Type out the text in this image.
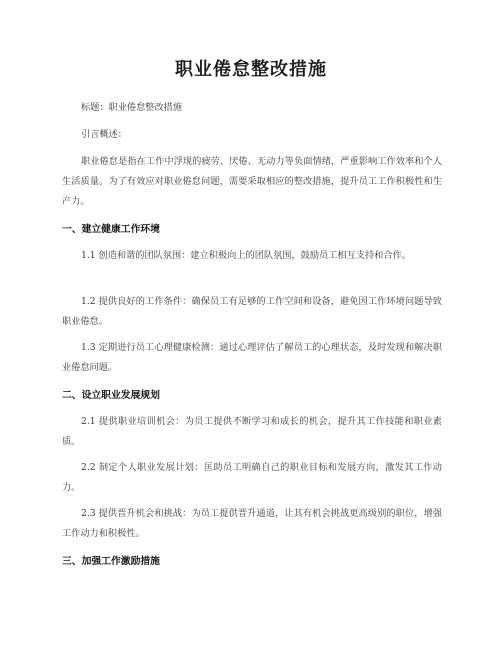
职业倦怠整改措施
标题：职业倦怠整改措施
引言概述：
职业倦怠是指在工作中浮现的疲劳、厌倦、无动力等负面情绪，严重影响工作效率和个人生活质量。为了有效应对职业倦怠问题，需要采取相应的整改措施，提升员工工作积极性和生产力。
一、建立健康工作环境
1.1 创造和谐的团队氛围：建立积极向上的团队氛围，鼓励员工相互支持和合作。
1.2 提供良好的工作条件：确保员工有足够的工作空间和设备，避免因工作环境问题导致职业倦怠。
1.3 定期进行员工心理健康检测：通过心理评估了解员工的心理状态，及时发现和解决职业倦怠问题。
二、设立职业发展规划
2.1 提供职业培训机会：为员工提供不断学习和成长的机会，提升其工作技能和职业素质。
2.2 制定个人职业发展计划：匡助员工明确自己的职业目标和发展方向，激发其工作动力。
2.3 提供晋升机会和挑战：为员工提供晋升通道，让其有机会挑战更高级别的职位，增强工作动力和积极性。
三、加强工作激励措施
